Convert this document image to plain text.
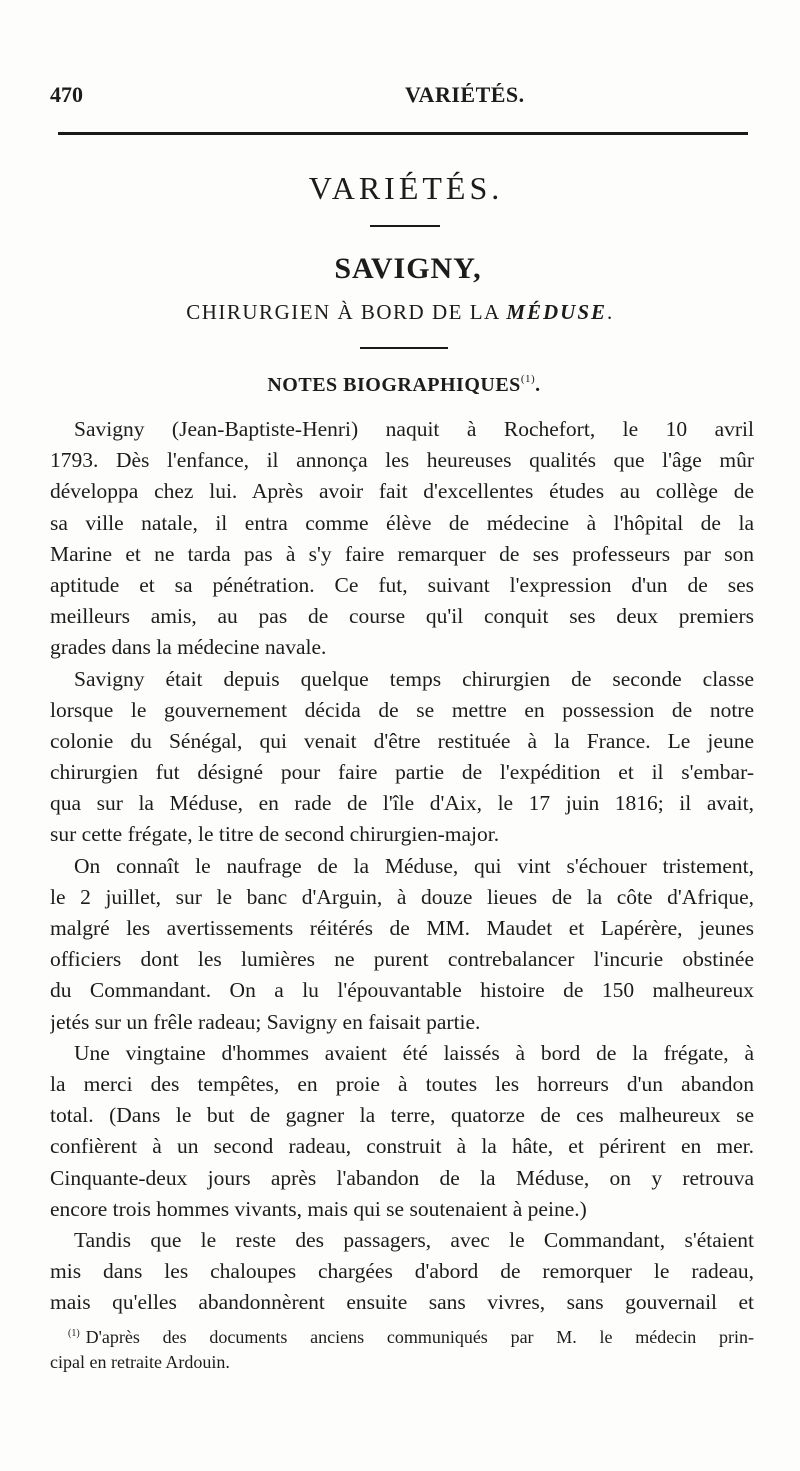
470	VARIÉTÉS.
VARIÉTÉS.
SAVIGNY,
CHIRURGIEN À BORD DE LA MÉDUSE.
NOTES BIOGRAPHIQUES$^{(1)}$.
Savigny (Jean-Baptiste-Henri) naquit à Rochefort, le 10 avril
1793. Dès l'enfance, il annonça les heureuses qualités que l'âge mûr
développa chez lui. Après avoir fait d'excellentes études au collège de
sa ville natale, il entra comme élève de médecine à l'hôpital de la
Marine et ne tarda pas à s'y faire remarquer de ses professeurs par son
aptitude et sa pénétration. Ce fut, suivant l'expression d'un de ses
meilleurs amis, au pas de course qu'il conquit ses deux premiers
grades dans la médecine navale.
Savigny était depuis quelque temps chirurgien de seconde classe
lorsque le gouvernement décida de se mettre en possession de notre
colonie du Sénégal, qui venait d'être restituée à la France. Le jeune
chirurgien fut désigné pour faire partie de l'expédition et il s'embar-
qua sur la Méduse, en rade de l'île d'Aix, le 17 juin 1816; il avait,
sur cette frégate, le titre de second chirurgien-major.
On connaît le naufrage de la Méduse, qui vint s'échouer tristement,
le 2 juillet, sur le banc d'Arguin, à douze lieues de la côte d'Afrique,
malgré les avertissements réitérés de MM. Maudet et Lapérère, jeunes
officiers dont les lumières ne purent contrebalancer l'incurie obstinée
du Commandant. On a lu l'épouvantable histoire de 150 malheureux
jetés sur un frêle radeau; Savigny en faisait partie.
Une vingtaine d'hommes avaient été laissés à bord de la frégate, à
la merci des tempêtes, en proie à toutes les horreurs d'un abandon
total. (Dans le but de gagner la terre, quatorze de ces malheureux se
confièrent à un second radeau, construit à la hâte, et périrent en mer.
Cinquante-deux jours après l'abandon de la Méduse, on y retrouva
encore trois hommes vivants, mais qui se soutenaient à peine.)
Tandis que le reste des passagers, avec le Commandant, s'étaient
mis dans les chaloupes chargées d'abord de remorquer le radeau,
mais qu'elles abandonnèrent ensuite sans vivres, sans gouvernail et
$^{(1)}$ D'après des documents anciens communiqués par M. le médecin prin-
cipal en retraite Ardouin.
